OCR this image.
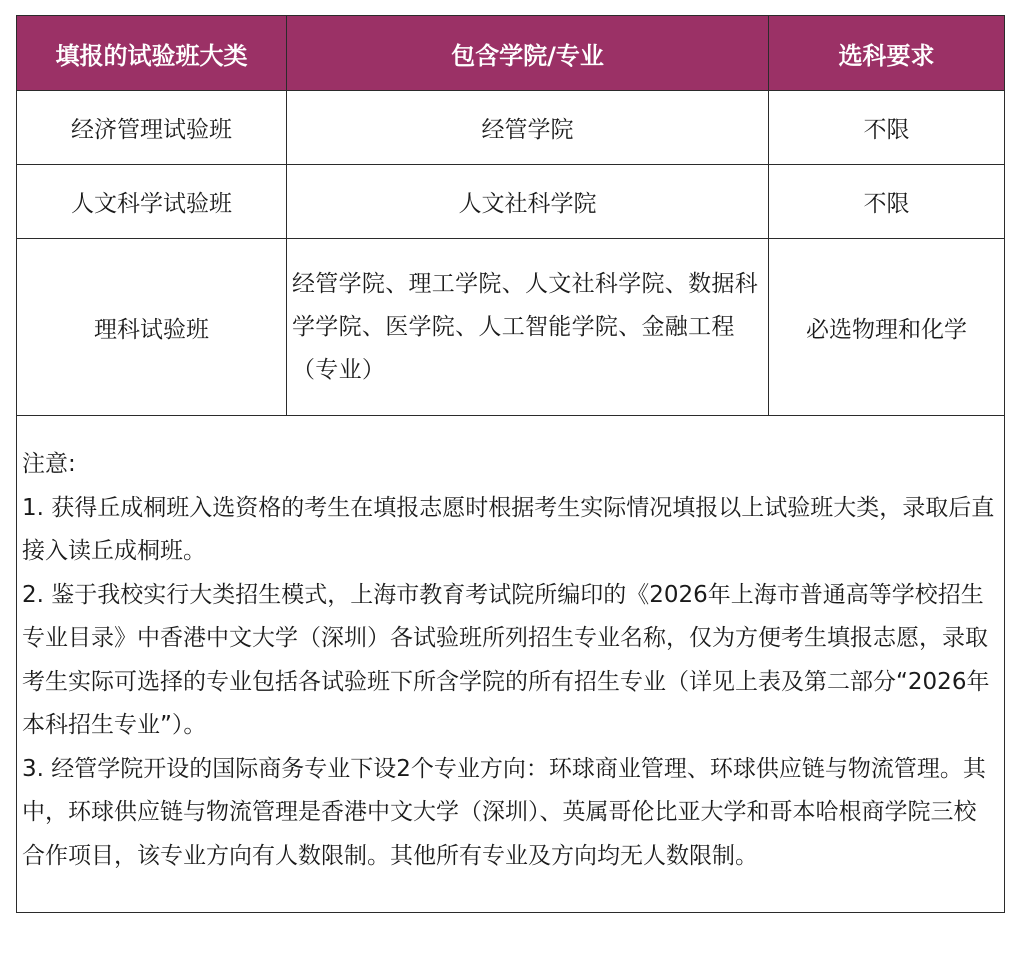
填报的试验班大类	包含学院/专业	选科要求
经济管理试验班	经管学院	不限
人文科学试验班	人文社科学院	不限
理科试验班	经管学院、理工学院、人文社科学院、数据科学学院、医学院、人工智能学院、金融工程（专业）	必选物理和化学

注意:
1. 获得丘成桐班入选资格的考生在填报志愿时根据考生实际情况填报以上试验班大类，录取后直接入读丘成桐班。
2. 鉴于我校实行大类招生模式，上海市教育考试院所编印的《2026年上海市普通高等学校招生专业目录》中香港中文大学（深圳）各试验班所列招生专业名称，仅为方便考生填报志愿，录取考生实际可选择的专业包括各试验班下所含学院的所有招生专业（详见上表及第二部分“2026年本科招生专业”）。
3. 经管学院开设的国际商务专业下设2个专业方向：环球商业管理、环球供应链与物流管理。其中，环球供应链与物流管理是香港中文大学（深圳）、英属哥伦比亚大学和哥本哈根商学院三校合作项目，该专业方向有人数限制。其他所有专业及方向均无人数限制。		
